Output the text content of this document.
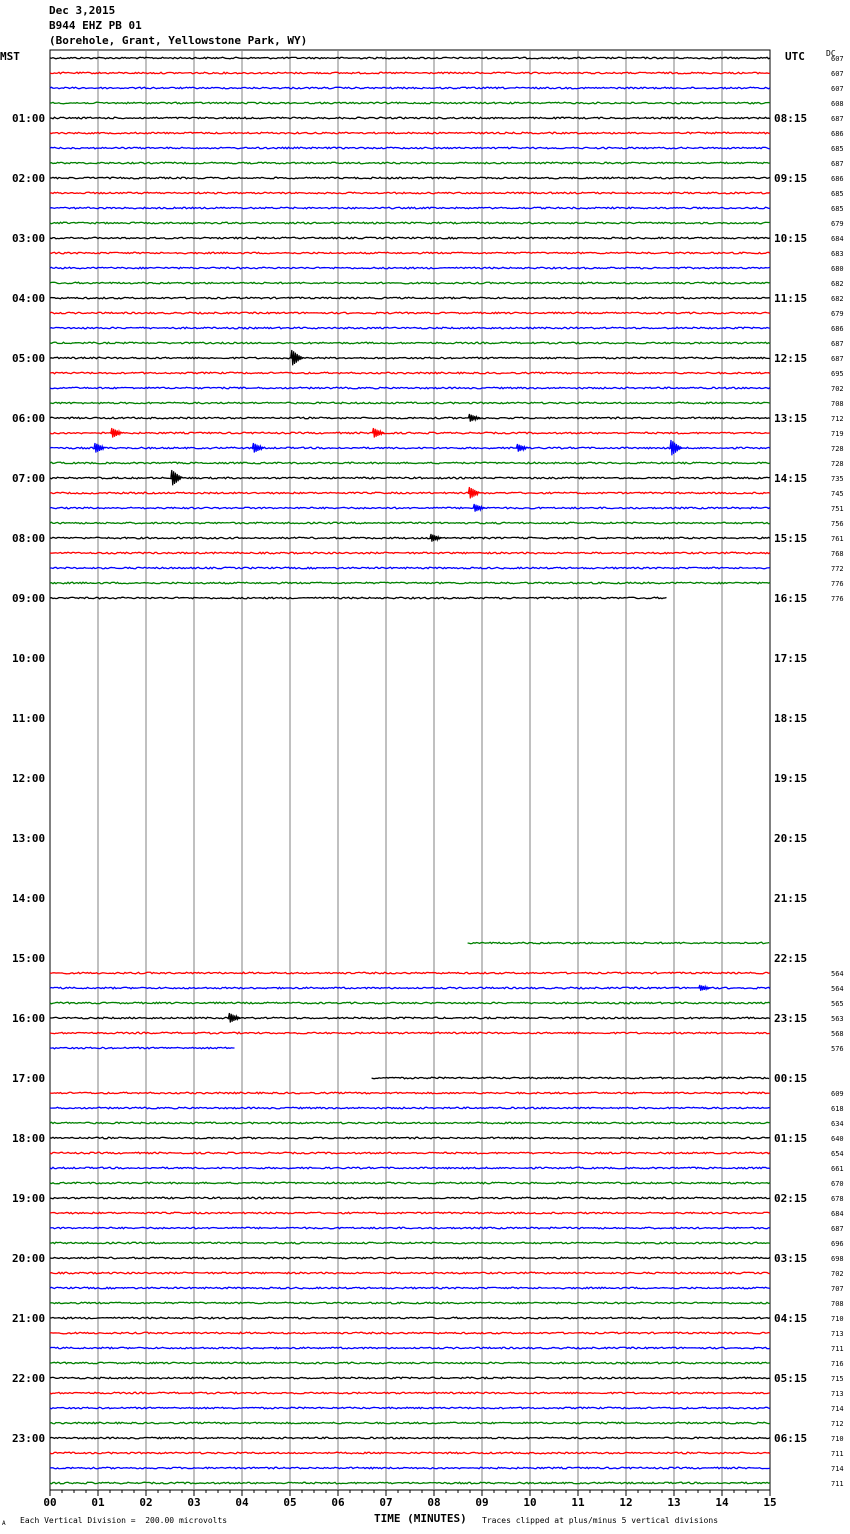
Dec 3,2015
B944 EHZ PB 01
(Borehole, Grant, Yellowstone Park, WY)
MST	UTC	DC
00	01	02	03	04	05	06	07	08	09	10	11	12	13	14	15
01:00
02:00
03:00
04:00
05:00
06:00
07:00
08:00
09:00
10:00
11:00
12:00
13:00
14:00
15:00
16:00
17:00
18:00
19:00
20:00
21:00
22:00
23:00
08:15
09:15
10:15
11:15
12:15
13:15
14:15
15:15
16:15
17:15
18:15
19:15
20:15
21:15
22:15
23:15
00:15
01:15
02:15
03:15
04:15
05:15
06:15
607
607
607
608
687
686
685
687
686
685
685
679
684
683
680
682
682
679
686
687
687
695
702
708
712
719
728
728
735
745
751
756
761
768
772
776
776
564
564
565
563
568
576
609
618
634
640
654
661
670
678
684
687
696
698
702
707
708
710
713
711
716
715
713
714
712
710
711
714
711
TIME (MINUTES)
Each Vertical Division =  200.00 microvolts	Traces clipped at plus/minus 5 vertical divisions
A
